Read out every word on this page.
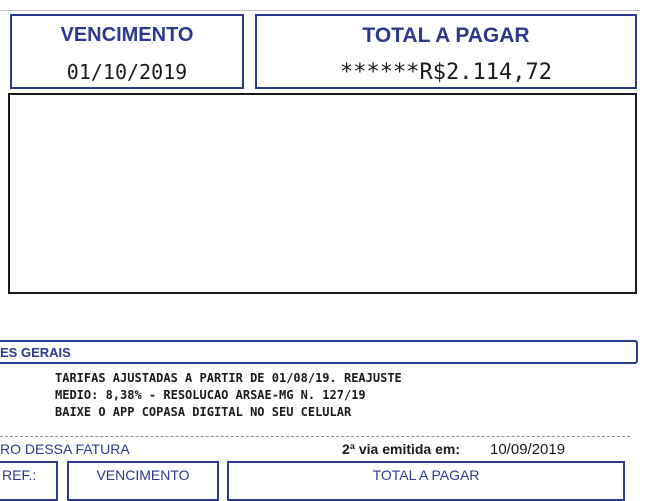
VENCIMENTO
01/10/2019
TOTAL A PAGAR
******R$2.114,72
ES GERAIS
TARIFAS AJUSTADAS A PARTIR DE 01/08/19. REAJUSTE
MEDIO: 8,38% - RESOLUCAO ARSAE-MG N. 127/19
BAIXE O APP COPASA DIGITAL NO SEU CELULAR
RO DESSA FATURA	2ª via emitida em: 10/09/2019
REF.:	VENCIMENTO	TOTAL A PAGAR
